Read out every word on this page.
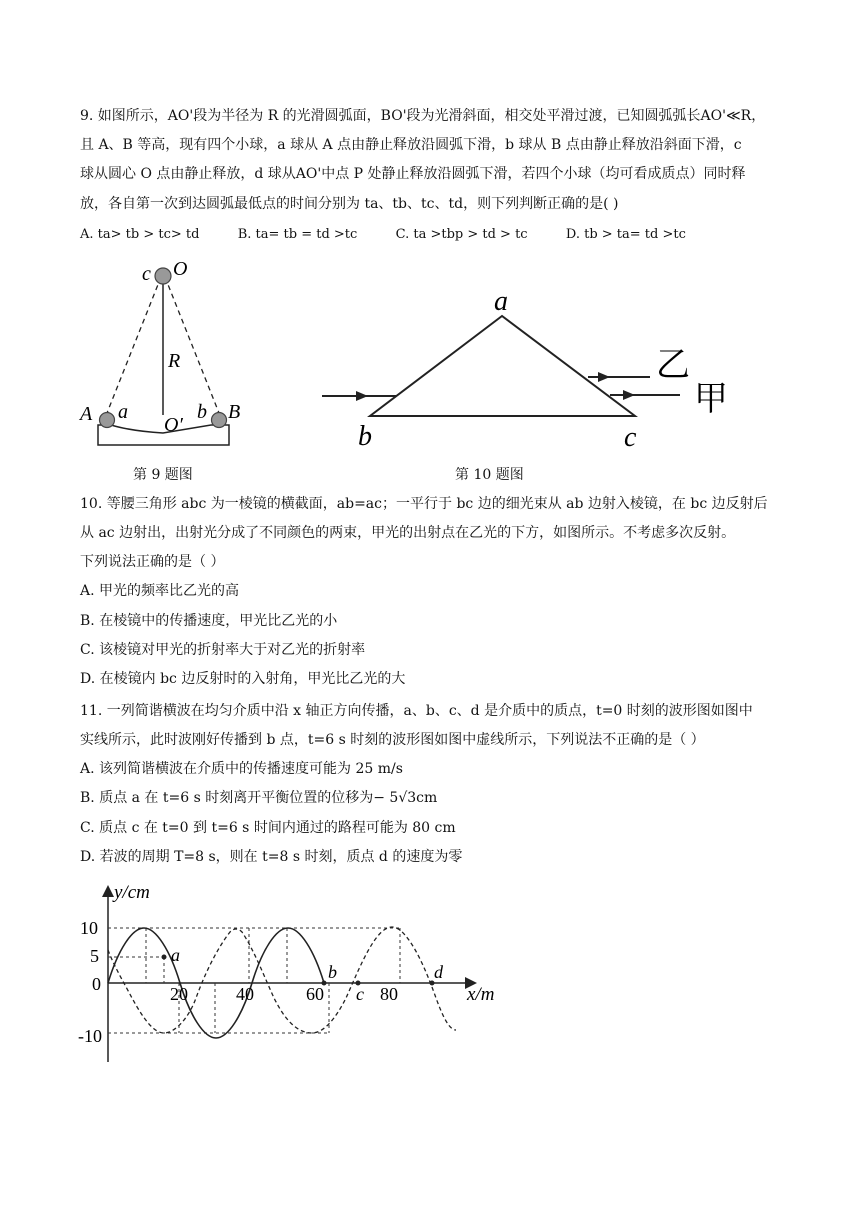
9. 如图所示，AO'段为半径为 R 的光滑圆弧面，BO'段为光滑斜面，相交处平滑过渡，已知圆弧弧长AO'≪R，
且 A、B 等高，现有四个小球，a 球从 A 点由静止释放沿圆弧下滑，b 球从 B 点由静止释放沿斜面下滑，c
球从圆心 O 点由静止释放，d 球从AO'中点 P 处静止释放沿圆弧下滑，若四个小球（均可看成质点）同时释
放，各自第一次到达圆弧最低点的时间分别为 ta、tb、tc、td，则下列判断正确的是( )
A. ta> tb > tc> td	B. ta= tb = td >tc	C. ta >tbp > td > tc	D. tb > ta= td >tc
c O
R
A a
O′
b B
a
b	c
乙
甲
第 9 题图	第 10 题图
10. 等腰三角形 abc 为一棱镜的横截面，ab=ac；一平行于 bc 边的细光束从 ab 边射入棱镜，在 bc 边反射后
从 ac 边射出，出射光分成了不同颜色的两束，甲光的出射点在乙光的下方，如图所示。不考虑多次反射。
下列说法正确的是（ ）
A. 甲光的频率比乙光的高
B. 在棱镜中的传播速度，甲光比乙光的小
C. 该棱镜对甲光的折射率大于对乙光的折射率
D. 在棱镜内 bc 边反射时的入射角，甲光比乙光的大
11. 一列简谐横波在均匀介质中沿 x 轴正方向传播，a、b、c、d 是介质中的质点，t=0 时刻的波形图如图中
实线所示，此时波刚好传播到 b 点，t=6 s 时刻的波形图如图中虚线所示，下列说法不正确的是（ ）
A. 该列简谐横波在介质中的传播速度可能为 25 m/s
B. 质点 a 在 t=6 s 时刻离开平衡位置的位移为− 5√3cm
C. 质点 c 在 t=0 到 t=6 s 时间内通过的路程可能为 80 cm
D. 若波的周期 T=8 s，则在 t=8 s 时刻，质点 d 的速度为零
y/cm
x/m
10
5
0
-10
20	40	60	80
a
b
c
d
